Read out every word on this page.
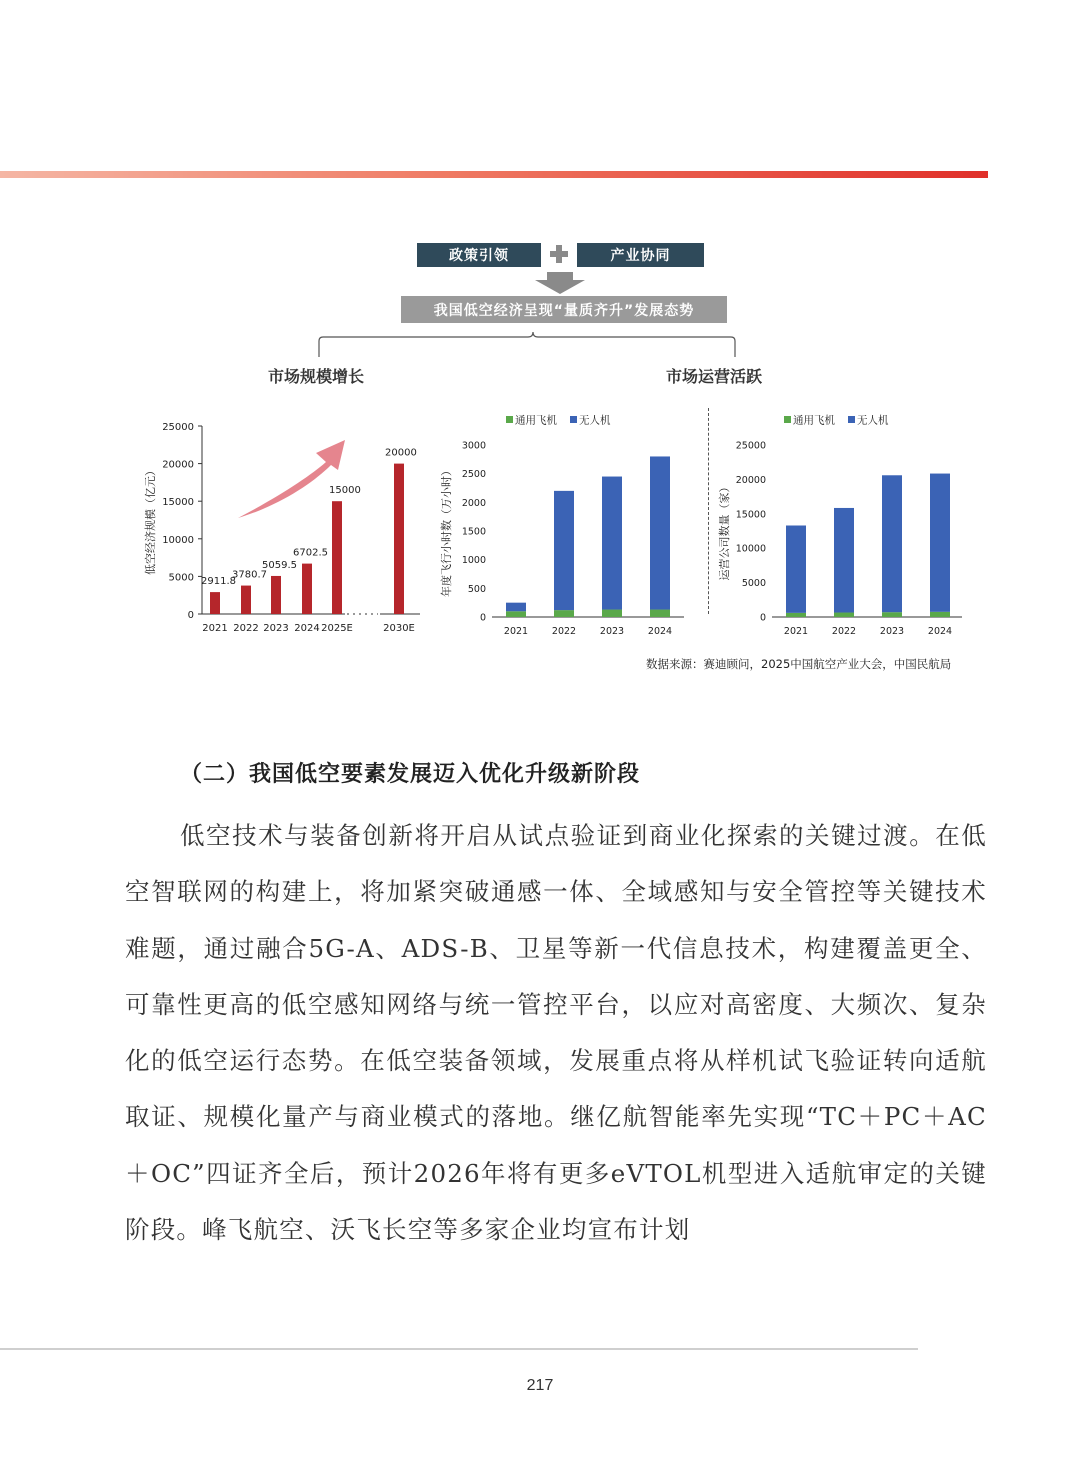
政策引领	产业协同
我国低空经济呈现“量质齐升”发展态势
市场规模增长	市场运营活跃
0
5000
10000
15000
20000
25000
2021 2022 2023 2024 2025E	2030E
2911.8
3780.7
5059.5
6702.5
15000
20000
低空经济规模（亿元）
0
500
1000
1500
2000
2500
3000
2021	2022	2023	2024
通用飞机 无人机
年度飞行小时数（万小时）
0
5000
10000
15000
20000
25000
2021	2022	2023	2024
通用飞机 无人机
运营公司数量（家）
数据来源：赛迪顾问，2025中国航空产业大会，中国民航局
（二）我国低空要素发展迈入优化升级新阶段
低空技术与装备创新将开启从试点验证到商业化探索的关键过渡。在低空智联网的构建上，将加紧突破通感一体、全域感知与安全管控等关键技术难题，通过融合5G-A、ADS-B、卫星等新一代信息技术，构建覆盖更全、可靠性更高的低空感知网络与统一管控平台，以应对高密度、大频次、复杂化的低空运行态势。在低空装备领域，发展重点将从样机试飞验证转向适航取证、规模化量产与商业模式的落地。继亿航智能率先实现“TC＋PC＋AC＋OC”四证齐全后，预计2026年将有更多eVTOL机型进入适航审定的关键阶段。峰飞航空、沃飞长空等多家企业均宣布计划
217
